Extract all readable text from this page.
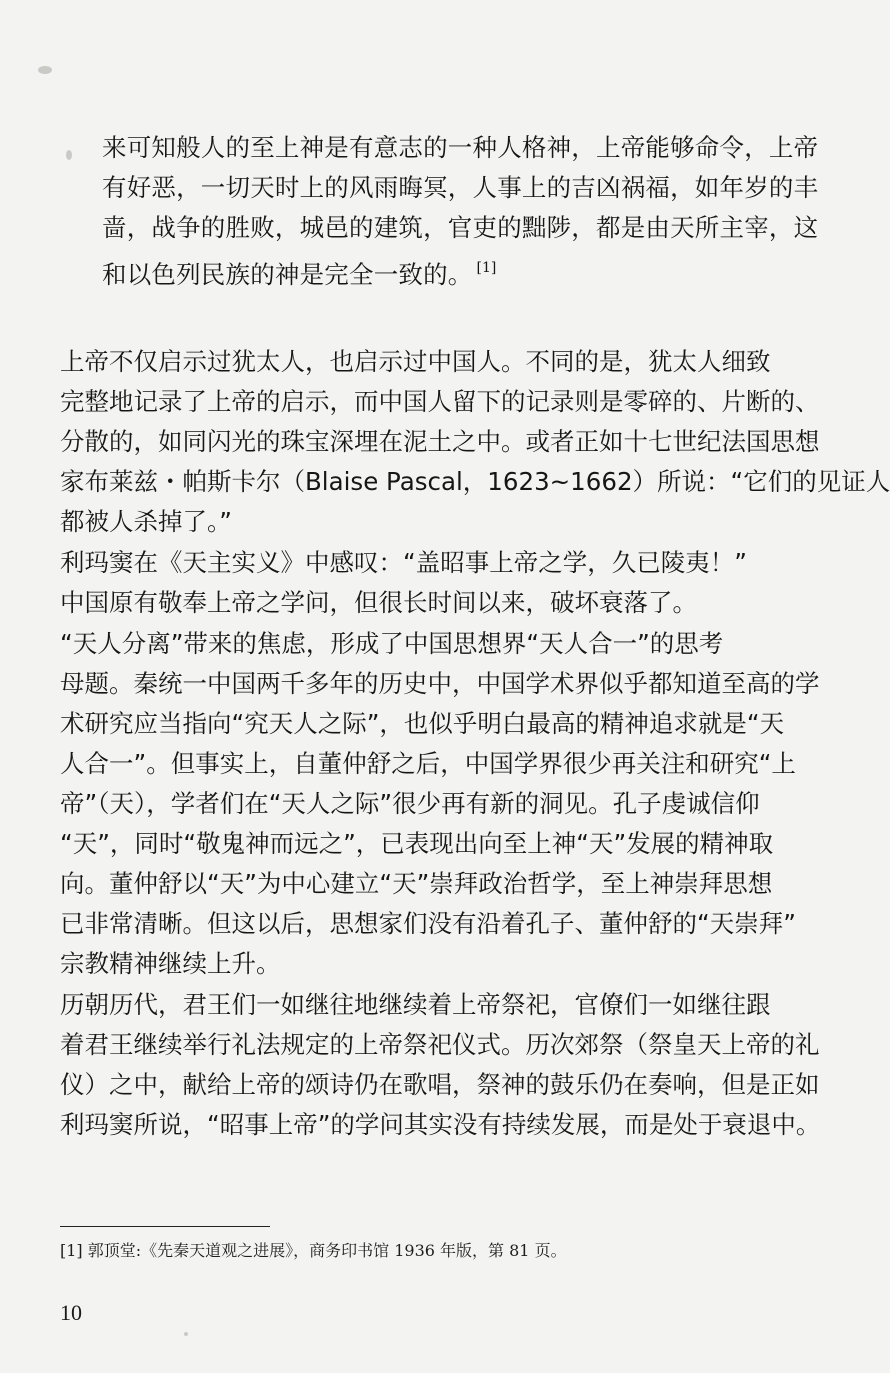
来可知般人的至上神是有意志的一种人格神，上帝能够命令，上帝
有好恶，一切天时上的风雨晦冥，人事上的吉凶祸福，如年岁的丰
啬，战争的胜败，城邑的建筑，官吏的黜陟，都是由天所主宰，这
和以色列民族的神是完全一致的。 [1]
上帝不仅启示过犹太人，也启示过中国人。不同的是，犹太人细致
完整地记录了上帝的启示，而中国人留下的记录则是零碎的、片断的、
分散的，如同闪光的珠宝深埋在泥土之中。或者正如十七世纪法国思想
家布莱兹・帕斯卡尔（Blaise Pascal，1623~1662）所说：“它们的见证人
都被人杀掉了。”
利玛窦在《天主实义》中感叹：“盖昭事上帝之学，久已陵夷！”
中国原有敬奉上帝之学问，但很长时间以来，破坏衰落了。
“天人分离”带来的焦虑，形成了中国思想界“天人合一”的思考
母题。秦统一中国两千多年的历史中，中国学术界似乎都知道至高的学
术研究应当指向“究天人之际”，也似乎明白最高的精神追求就是“天
人合一”。但事实上，自董仲舒之后，中国学界很少再关注和研究“上
帝”（天），学者们在“天人之际”很少再有新的洞见。孔子虔诚信仰
“天”，同时“敬鬼神而远之”，已表现出向至上神“天”发展的精神取
向。董仲舒以“天”为中心建立“天”崇拜政治哲学，至上神崇拜思想
已非常清晰。但这以后，思想家们没有沿着孔子、董仲舒的“天崇拜”
宗教精神继续上升。
历朝历代，君王们一如继往地继续着上帝祭祀，官僚们一如继往跟
着君王继续举行礼法规定的上帝祭祀仪式。历次郊祭（祭皇天上帝的礼
仪）之中，献给上帝的颂诗仍在歌唱，祭神的鼓乐仍在奏响，但是正如
利玛窦所说，“昭事上帝”的学问其实没有持续发展，而是处于衰退中。
[1] 郭顶堂:《先秦天道观之进展》，商务印书馆 1936 年版，第 81 页。
10
